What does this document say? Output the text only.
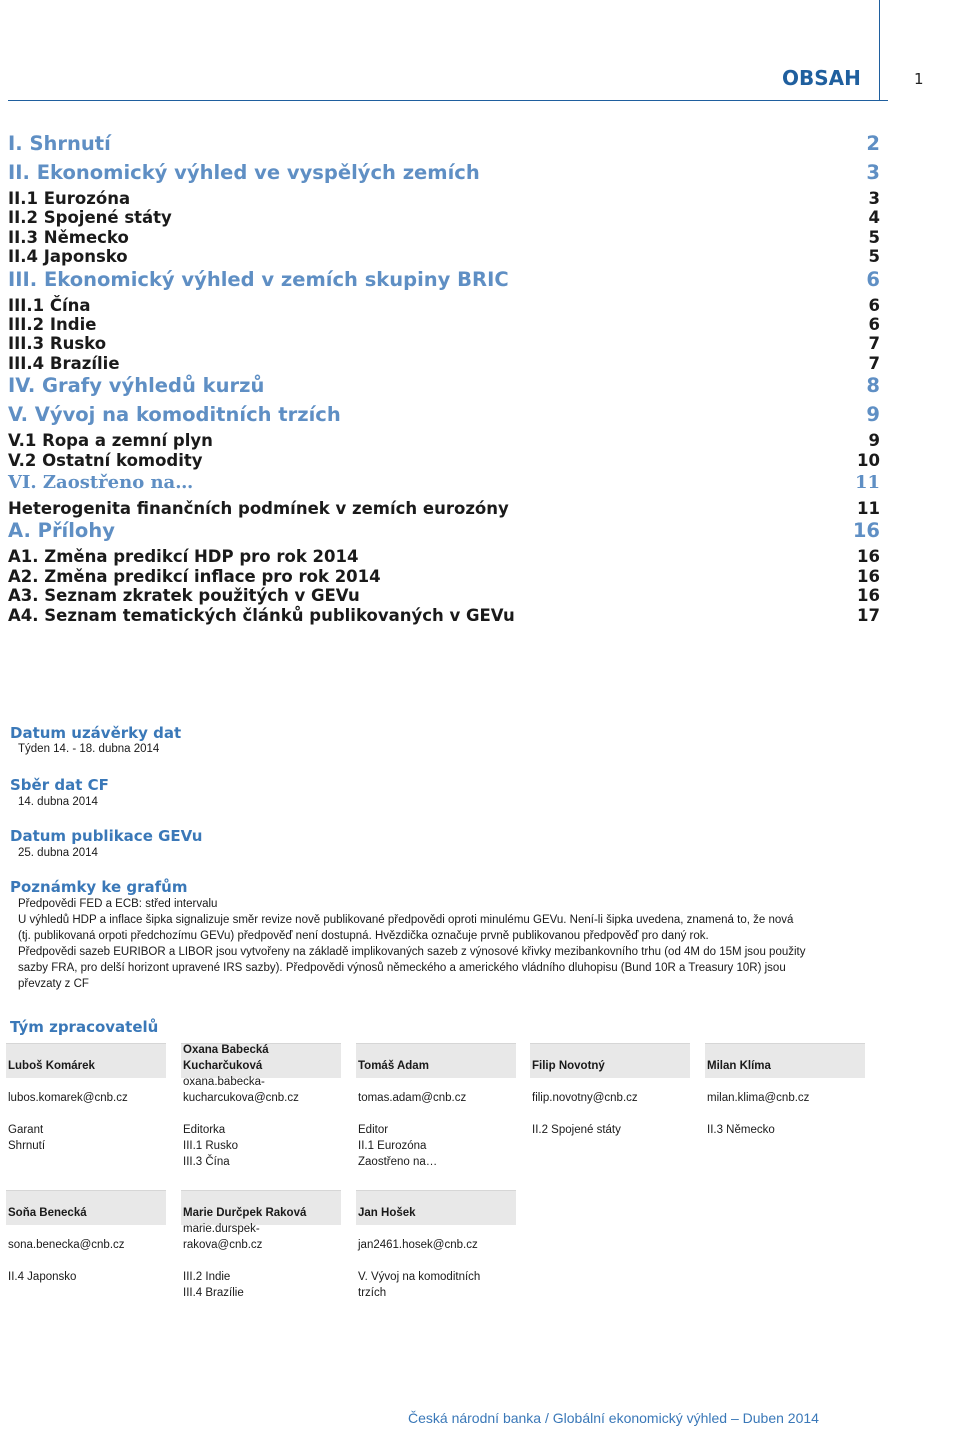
OBSAH	1
I. Shrnutí	2
II. Ekonomický výhled ve vyspělých zemích	3
II.1 Eurozóna	3
II.2 Spojené státy	4
II.3 Německo	5
II.4 Japonsko	5
III. Ekonomický výhled v zemích skupiny BRIC	6
III.1 Čína	6
III.2 Indie	6
III.3 Rusko	7
III.4 Brazílie	7
IV. Grafy výhledů kurzů	8
V. Vývoj na komoditních trzích	9
V.1 Ropa a zemní plyn	9
V.2 Ostatní komodity	10
VI. Zaostřeno na…	11
Heterogenita finančních podmínek v zemích eurozóny	11
A. Přílohy	16
A1. Změna predikcí HDP pro rok 2014	16
A2. Změna predikcí inflace pro rok 2014	16
A3. Seznam zkratek použitých v GEVu	16
A4. Seznam tematických článků publikovaných v GEVu	17
Datum uzávěrky dat
Týden 14. - 18. dubna 2014
Sběr dat CF
14. dubna 2014
Datum publikace GEVu
25. dubna 2014
Poznámky ke grafům
Předpovědi FED a ECB: střed intervalu
U výhledů HDP a inflace šipka signalizuje směr revize nově publikované předpovědi oproti minulému GEVu. Není-li šipka uvedena, znamená to, že nová
(tj. publikovaná orpoti předchozímu GEVu) předpověď není dostupná. Hvězdička označuje prvně publikovanou předpověď pro daný rok.
Předpovědi sazeb EURIBOR a LIBOR jsou vytvořeny na základě implikovaných sazeb z výnosové křivky mezibankovního trhu (od 4M do 15M jsou použity
sazby FRA, pro delší horizont upravené IRS sazby). Předpovědi výnosů německého a amerického vládního dluhopisu (Bund 10R a Treasury 10R) jsou
převzaty z CF
Tým zpracovatelů
Luboš Komárek
lubos.komarek@cnb.cz
Garant
Shrnutí
Oxana Babecká Kucharčuková
oxana.babecka-kucharcukova@cnb.cz
Editorka
III.1 Rusko
III.3 Čína
Tomáš Adam
tomas.adam@cnb.cz
Editor
II.1 Eurozóna
Zaostřeno na…
Filip Novotný
filip.novotny@cnb.cz
II.2 Spojené státy
Milan Klíma
milan.klima@cnb.cz
II.3 Německo
Soňa Benecká
sona.benecka@cnb.cz
II.4 Japonsko
Marie Durčpek Raková
marie.durspek-rakova@cnb.cz
III.2 Indie
III.4 Brazílie
Jan Hošek
jan2461.hosek@cnb.cz
V. Vývoj na komoditních trzích
Česká národní banka / Globální ekonomický výhled – Duben 2014
